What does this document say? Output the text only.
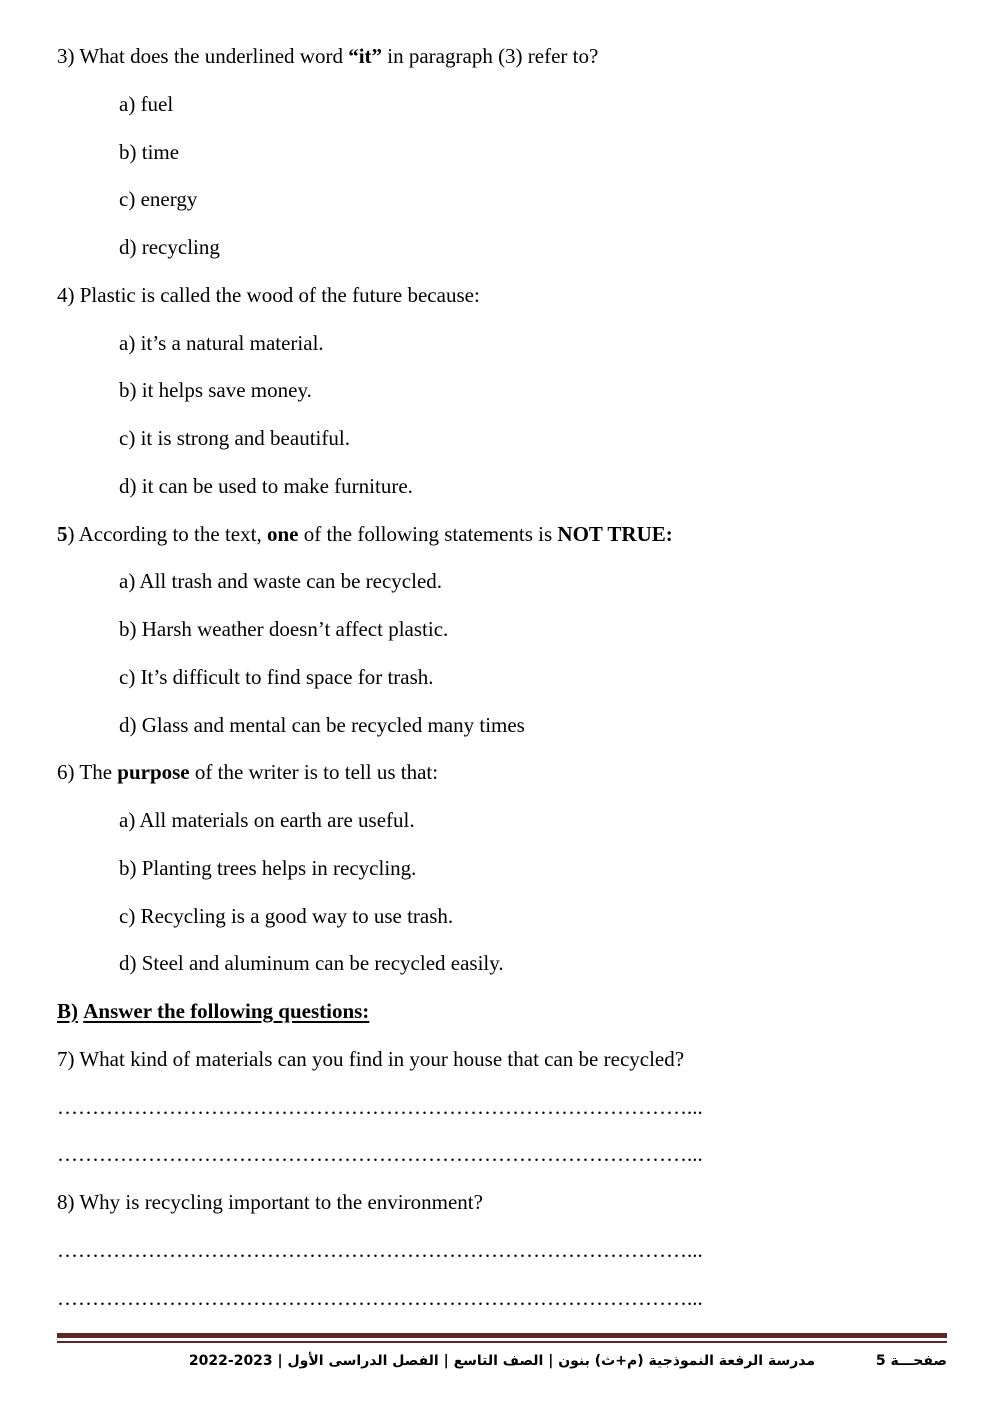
3) What does the underlined word “it” in paragraph (3) refer to?

a) fuel

b) time

c) energy

d) recycling

4) Plastic is called the wood of the future because:

a) it’s a natural material.

b) it helps save money.

c) it is strong and beautiful.

d) it can be used to make furniture.

5) According to the text, one of the following statements is NOT TRUE:

a) All trash and waste can be recycled.

b) Harsh weather doesn’t affect plastic.

c) It’s difficult to find space for trash.

d) Glass and mental can be recycled many times

6) The purpose of the writer is to tell us that:

a) All materials on earth are useful.

b) Planting trees helps in recycling.

c) Recycling is a good way to use trash.

d) Steel and aluminum can be recycled easily.

B) Answer the following questions:

7) What kind of materials can you find in your house that can be recycled?

………………………………………………………………………………...

………………………………………………………………………………...

8) Why is recycling important to the environment?

………………………………………………………………………………...

………………………………………………………………………………...

مدرسة الرفعة النموذجية (م+ث) بنون | الصف التاسع | الفصل الدراسى الأول | 2023-2022	صفحـــة 5
